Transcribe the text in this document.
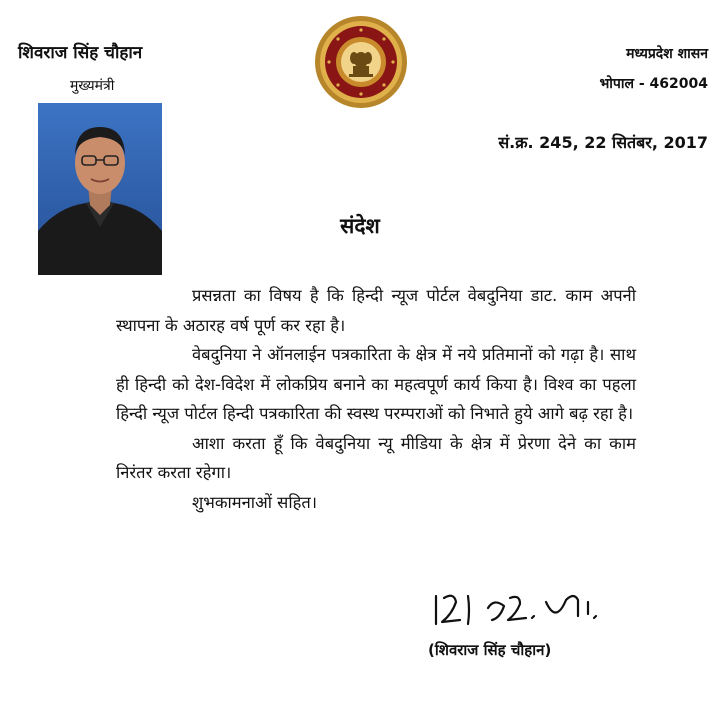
शिवराज सिंह चौहान
मुख्यमंत्री
मध्यप्रदेश शासन
भोपाल - 462004
सं.क्र. 245, 22 सितंबर, 2017
संदेश

प्रसन्नता का विषय है कि हिन्दी न्यूज पोर्टल वेबदुनिया डाट. काम अपनी स्थापना के अठारह वर्ष पूर्ण कर रहा है।

वेबदुनिया ने ऑनलाईन पत्रकारिता के क्षेत्र में नये प्रतिमानों को गढ़ा है। साथ ही हिन्दी को देश-विदेश में लोकप्रिय बनाने का महत्वपूर्ण कार्य किया है। विश्व का पहला हिन्दी न्यूज पोर्टल हिन्दी पत्रकारिता की स्वस्थ परम्पराओं को निभाते हुये आगे बढ़ रहा है।

आशा करता हूँ कि वेबदुनिया न्यू मीडिया के क्षेत्र में प्रेरणा देने का काम निरंतर करता रहेगा।

शुभकामनाओं सहित।

(शिवराज सिंह चौहान)
